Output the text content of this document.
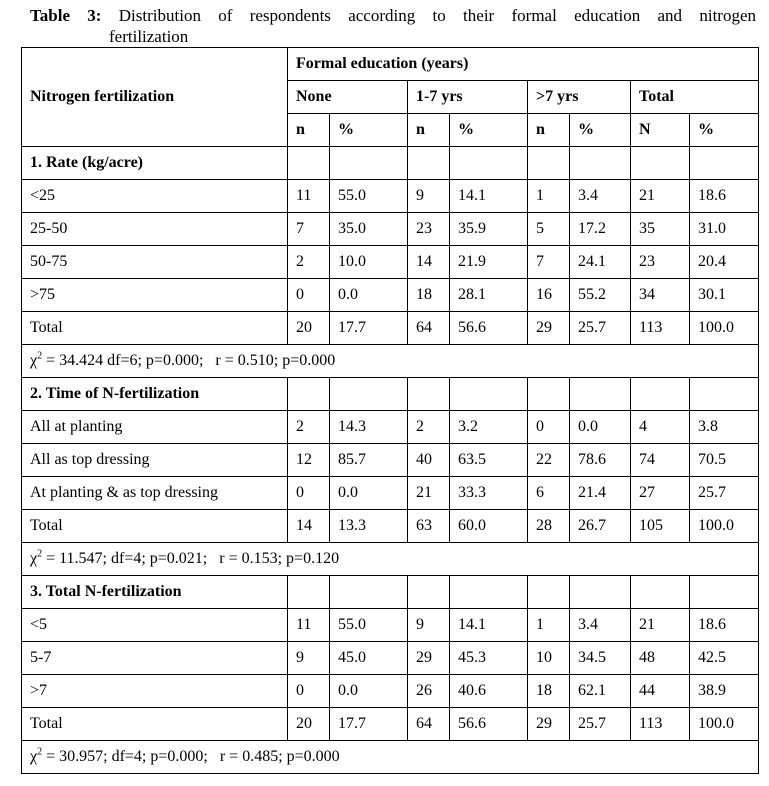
Table 3: Distribution of respondents according to their formal education and nitrogen
fertilization
Nitrogen fertilization	Formal education (years)							
	None		1-7 yrs		>7 yrs		Total	
	n	%	n	%	n	%	N	%
1. Rate (kg/acre)								
<25	11	55.0	9	14.1	1	3.4	21	18.6
25-50	7	35.0	23	35.9	5	17.2	35	31.0
50-75	2	10.0	14	21.9	7	24.1	23	20.4
>75	0	0.0	18	28.1	16	55.2	34	30.1
Total	20	17.7	64	56.6	29	25.7	113	100.0
$\chi^2 = 34.424$ df=6; p=0.000;   r = 0.510; p=0.000								
2. Time of N-fertilization								
All at planting	2	14.3	2	3.2	0	0.0	4	3.8
All as top dressing	12	85.7	40	63.5	22	78.6	74	70.5
At planting & as top dressing	0	0.0	21	33.3	6	21.4	27	25.7
Total	14	13.3	63	60.0	28	26.7	105	100.0
$\chi^2 = 11.547$; df=4; p=0.021;   r = 0.153; p=0.120								
3. Total N-fertilization								
<5	11	55.0	9	14.1	1	3.4	21	18.6
5-7	9	45.0	29	45.3	10	34.5	48	42.5
>7	0	0.0	26	40.6	18	62.1	44	38.9
Total	20	17.7	64	56.6	29	25.7	113	100.0
$\chi^2 = 30.957$; df=4; p=0.000;   r = 0.485; p=0.000								
